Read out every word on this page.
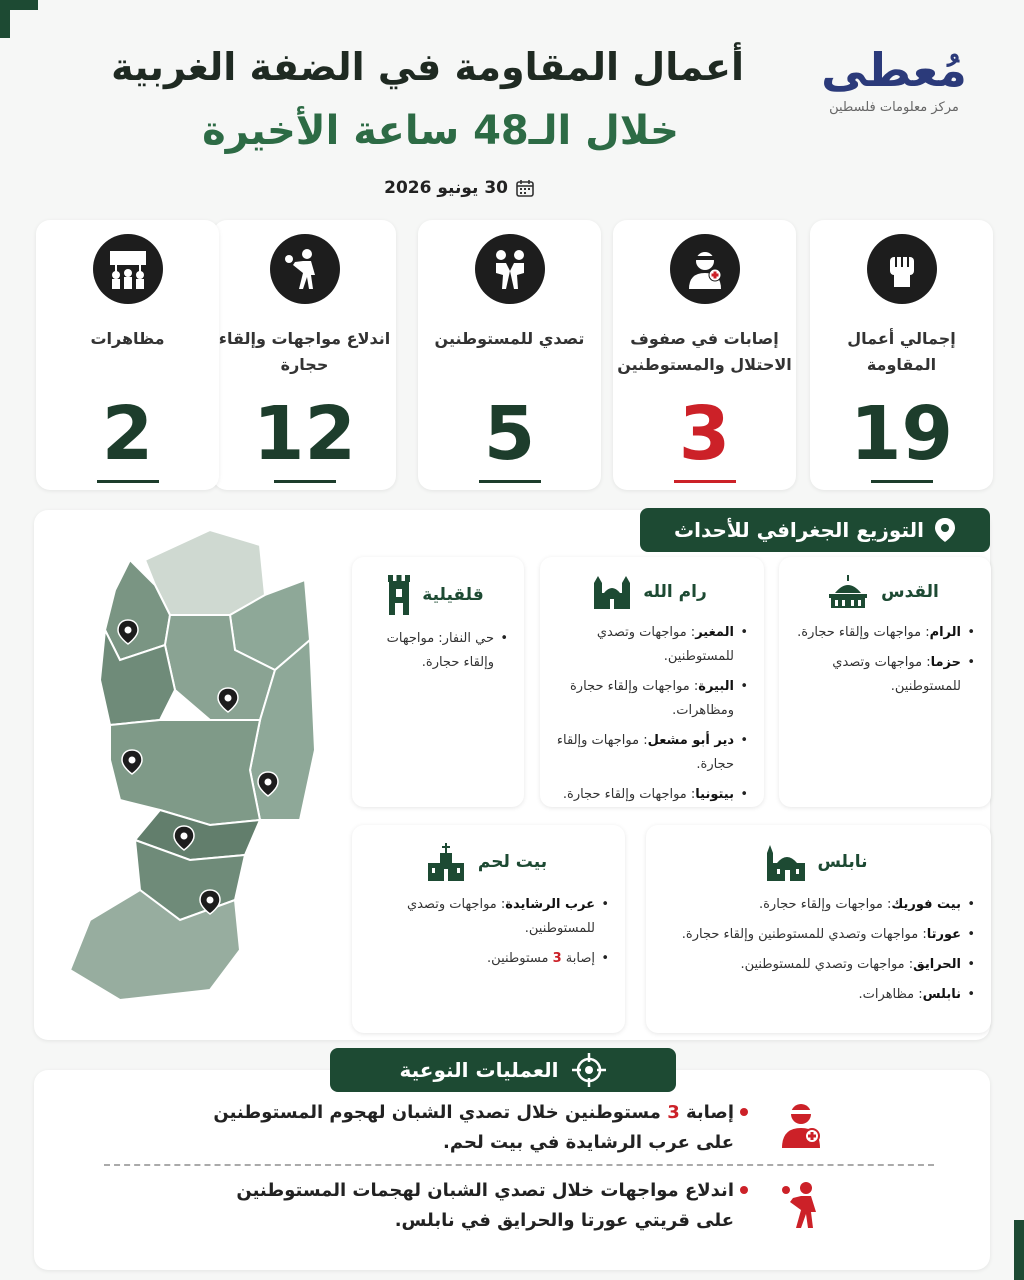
مُعطى
مركز معلومات فلسطين
أعمال المقاومة في الضفة الغربية
خلال الـ48 ساعة الأخيرة
30 يونيو 2026
إجمالي أعمال المقاومة
19
إصابات في صفوف الاحتلال والمستوطنين
3
تصدي للمستوطنين
5
اندلاع مواجهات وإلقاء حجارة
12
مظاهرات
2
التوزيع الجغرافي للأحداث
القدس
• الرام: مواجهات وإلقاء حجارة.
• حزما: مواجهات وتصدي للمستوطنين.
رام الله
• المغير: مواجهات وتصدي للمستوطنين.
• البيرة: مواجهات وإلقاء حجارة ومظاهرات.
• دير أبو مشعل: مواجهات وإلقاء حجارة.
• بيتونيا: مواجهات وإلقاء حجارة.
قلقيلية
• حي النفار: مواجهات وإلقاء حجارة.
نابلس
• بيت فوريك: مواجهات وإلقاء حجارة.
• عورتا: مواجهات وتصدي للمستوطنين وإلقاء حجارة.
• الحرايق: مواجهات وتصدي للمستوطنين.
• نابلس: مظاهرات.
بيت لحم
• عرب الرشايدة: مواجهات وتصدي للمستوطنين.
• إصابة 3 مستوطنين.
العمليات النوعية
إصابة 3 مستوطنين خلال تصدي الشبان لهجوم المستوطنين
على عرب الرشايدة في بيت لحم.
اندلاع مواجهات خلال تصدي الشبان لهجمات المستوطنين
على قريتي عورتا والحرايق في نابلس.
